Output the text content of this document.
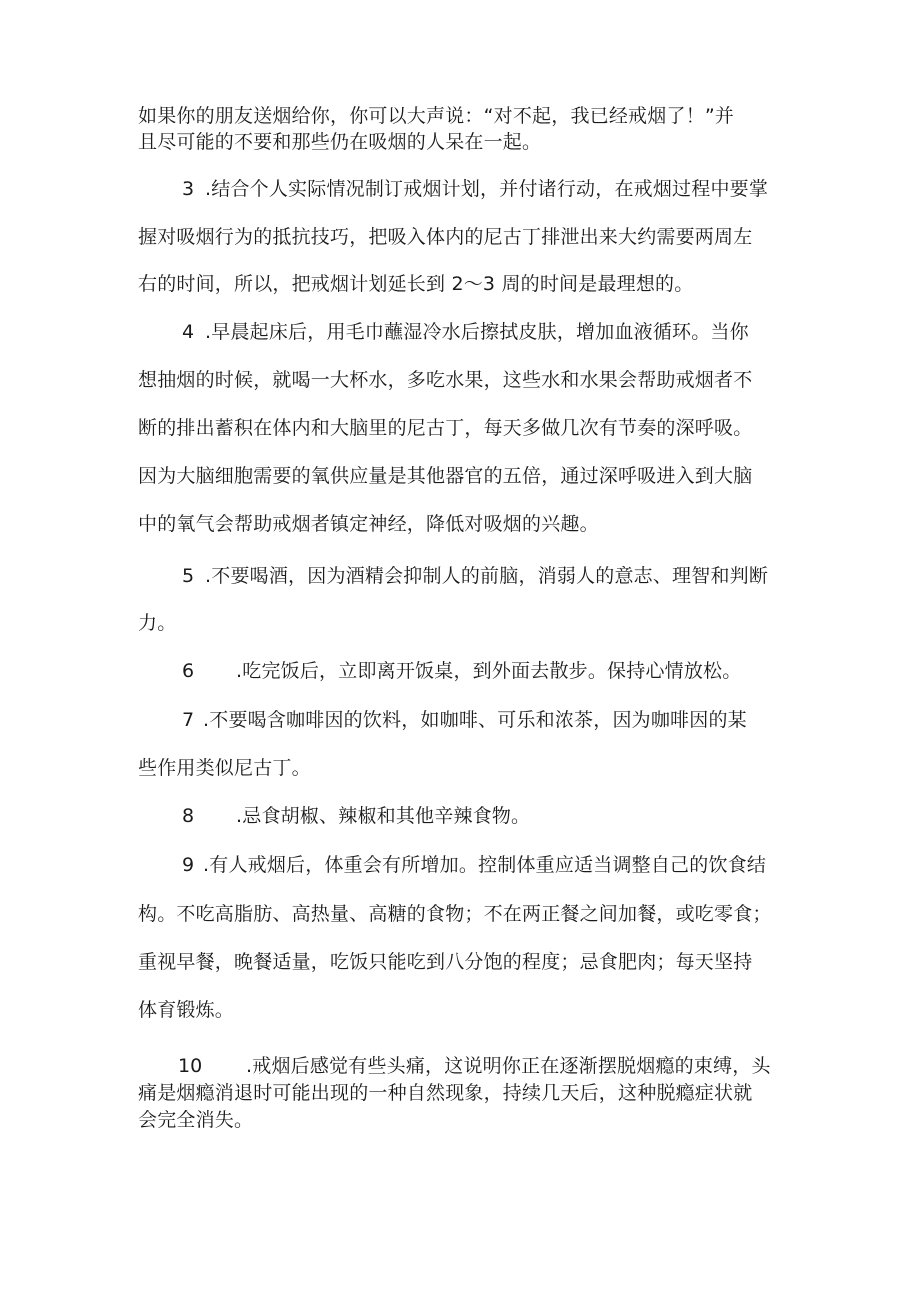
如果你的朋友送烟给你，你可以大声说：“对不起，我已经戒烟了！”并
且尽可能的不要和那些仍在吸烟的人呆在一起。
3 .结合个人实际情况制订戒烟计划，并付诸行动，在戒烟过程中要掌
握对吸烟行为的抵抗技巧，把吸入体内的尼古丁排泄出来大约需要两周左
右的时间，所以，把戒烟计划延长到 2～3 周的时间是最理想的。
4 .早晨起床后，用毛巾蘸湿冷水后擦拭皮肤，增加血液循环。当你
想抽烟的时候，就喝一大杯水，多吃水果，这些水和水果会帮助戒烟者不
断的排出蓄积在体内和大脑里的尼古丁，每天多做几次有节奏的深呼吸。
因为大脑细胞需要的氧供应量是其他器官的五倍，通过深呼吸进入到大脑
中的氧气会帮助戒烟者镇定神经，降低对吸烟的兴趣。
5 .不要喝酒，因为酒精会抑制人的前脑，消弱人的意志、理智和判断
力。
6 .吃完饭后，立即离开饭桌，到外面去散步。保持心情放松。
7 .不要喝含咖啡因的饮料，如咖啡、可乐和浓茶，因为咖啡因的某
些作用类似尼古丁。
8 .忌食胡椒、辣椒和其他辛辣食物。
9 .有人戒烟后，体重会有所增加。控制体重应适当调整自己的饮食结
构。不吃高脂肪、高热量、高糖的食物；不在两正餐之间加餐，或吃零食；
重视早餐，晚餐适量，吃饭只能吃到八分饱的程度；忌食肥肉；每天坚持
体育锻炼。
10 .戒烟后感觉有些头痛，这说明你正在逐渐摆脱烟瘾的束缚，头
痛是烟瘾消退时可能出现的一种自然现象，持续几天后，这种脱瘾症状就
会完全消失。
